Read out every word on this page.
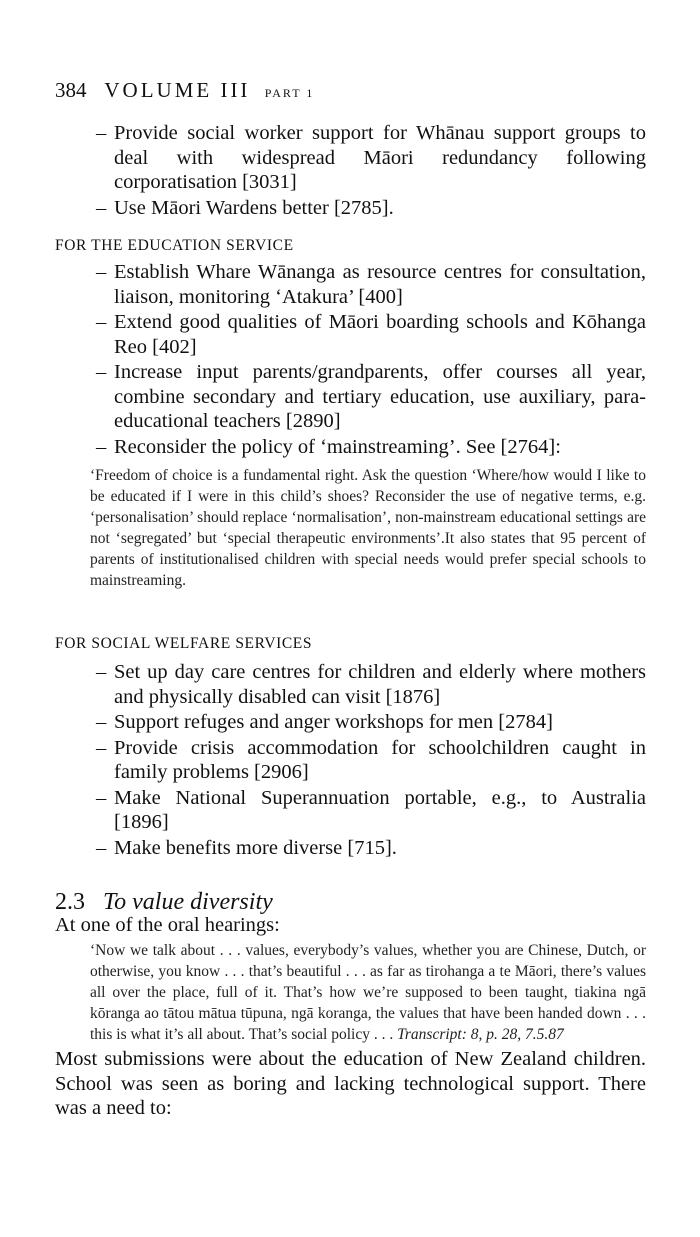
384 VOLUME III PART 1
– Provide social worker support for Whānau support groups to deal with widespread Māori redundancy following corporatisation [3031]
– Use Māori Wardens better [2785].
FOR THE EDUCATION SERVICE
– Establish Whare Wānanga as resource centres for consultation, liaison, monitoring ‘Atakura’ [400]
– Extend good qualities of Māori boarding schools and Kōhanga Reo [402]
– Increase input parents/grandparents, offer courses all year, combine secondary and tertiary education, use auxiliary, para-educational teachers [2890]
– Reconsider the policy of ‘mainstreaming’. See [2764]:
‘Freedom of choice is a fundamental right. Ask the question ‘Where/how would I like to be educated if I were in this child’s shoes? Reconsider the use of negative terms, e.g. ‘personalisation’ should replace ‘normalisation’, non-mainstream educational settings are not ‘segregated’ but ‘special therapeutic environments’.It also states that 95 percent of parents of institutionalised children with special needs would prefer special schools to mainstreaming.
FOR SOCIAL WELFARE SERVICES
– Set up day care centres for children and elderly where mothers and physically disabled can visit [1876]
– Support refuges and anger workshops for men [2784]
– Provide crisis accommodation for schoolchildren caught in family problems [2906]
– Make National Superannuation portable, e.g., to Australia [1896]
– Make benefits more diverse [715].
2.3 To value diversity
At one of the oral hearings:
‘Now we talk about . . . values, everybody’s values, whether you are Chinese, Dutch, or otherwise, you know . . . that’s beautiful . . . as far as tirohanga a te Māori, there’s values all over the place, full of it. That’s how we’re supposed to been taught, tiakina ngā kōranga ao tātou mātua tūpuna, ngā koranga, the values that have been handed down . . . this is what it’s all about. That’s social policy . . . Transcript: 8, p. 28, 7.5.87
Most submissions were about the education of New Zealand children. School was seen as boring and lacking technological support. There was a need to:
